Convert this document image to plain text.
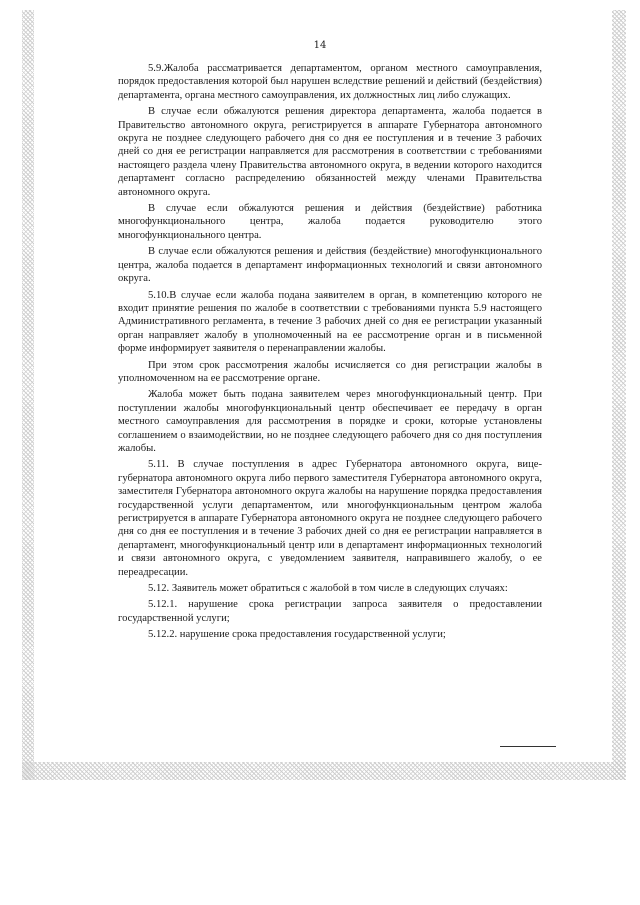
14

5.9.Жалоба рассматривается департаментом, органом местного самоуправления, порядок предоставления которой был нарушен вследствие решений и действий (бездействия) департамента, органа местного самоуправления, их должностных лиц либо служащих.

В случае если обжалуются решения директора департамента, жалоба подается в Правительство автономного округа, регистрируется в аппарате Губернатора автономного округа не позднее следующего рабочего дня со дня ее поступления и в течение 3 рабочих дней со дня ее регистрации направляется для рассмотрения в соответствии с требованиями настоящего раздела члену Правительства автономного округа, в ведении которого находится департамент согласно распределению обязанностей между членами Правительства автономного округа.

В случае если обжалуются решения и действия (бездействие) работника многофункционального центра, жалоба подается руководителю этого многофункционального центра.

В случае если обжалуются решения и действия (бездействие) многофункционального центра, жалоба подается в департамент информационных технологий и связи автономного округа.

5.10.В случае если жалоба подана заявителем в орган, в компетенцию которого не входит принятие решения по жалобе в соответствии с требованиями пункта 5.9 настоящего Административного регламента, в течение 3 рабочих дней со дня ее регистрации указанный орган направляет жалобу в уполномоченный на ее рассмотрение орган и в письменной форме информирует заявителя о перенаправлении жалобы.

При этом срок рассмотрения жалобы исчисляется со дня регистрации жалобы в уполномоченном на ее рассмотрение органе.

Жалоба может быть подана заявителем через многофункциональный центр. При поступлении жалобы многофункциональный центр обеспечивает ее передачу в орган местного самоуправления для рассмотрения в порядке и сроки, которые установлены соглашением о взаимодействии, но не позднее следующего рабочего дня со дня поступления жалобы.

5.11. В случае поступления в адрес Губернатора автономного округа, вице-губернатора автономного округа либо первого заместителя Губернатора автономного округа, заместителя Губернатора автономного округа жалобы на нарушение порядка предоставления государственной услуги департаментом, или многофункциональным центром жалоба регистрируется в аппарате Губернатора автономного округа не позднее следующего рабочего дня со дня ее поступления и в течение 3 рабочих дней со дня ее регистрации направляется в департамент, многофункциональный центр или в департамент информационных технологий и связи автономного округа, с уведомлением заявителя, направившего жалобу, о ее переадресации.

5.12. Заявитель может обратиться с жалобой в том числе в следующих случаях:

5.12.1. нарушение срока регистрации запроса заявителя о предоставлении государственной услуги;

5.12.2. нарушение срока предоставления государственной услуги;
